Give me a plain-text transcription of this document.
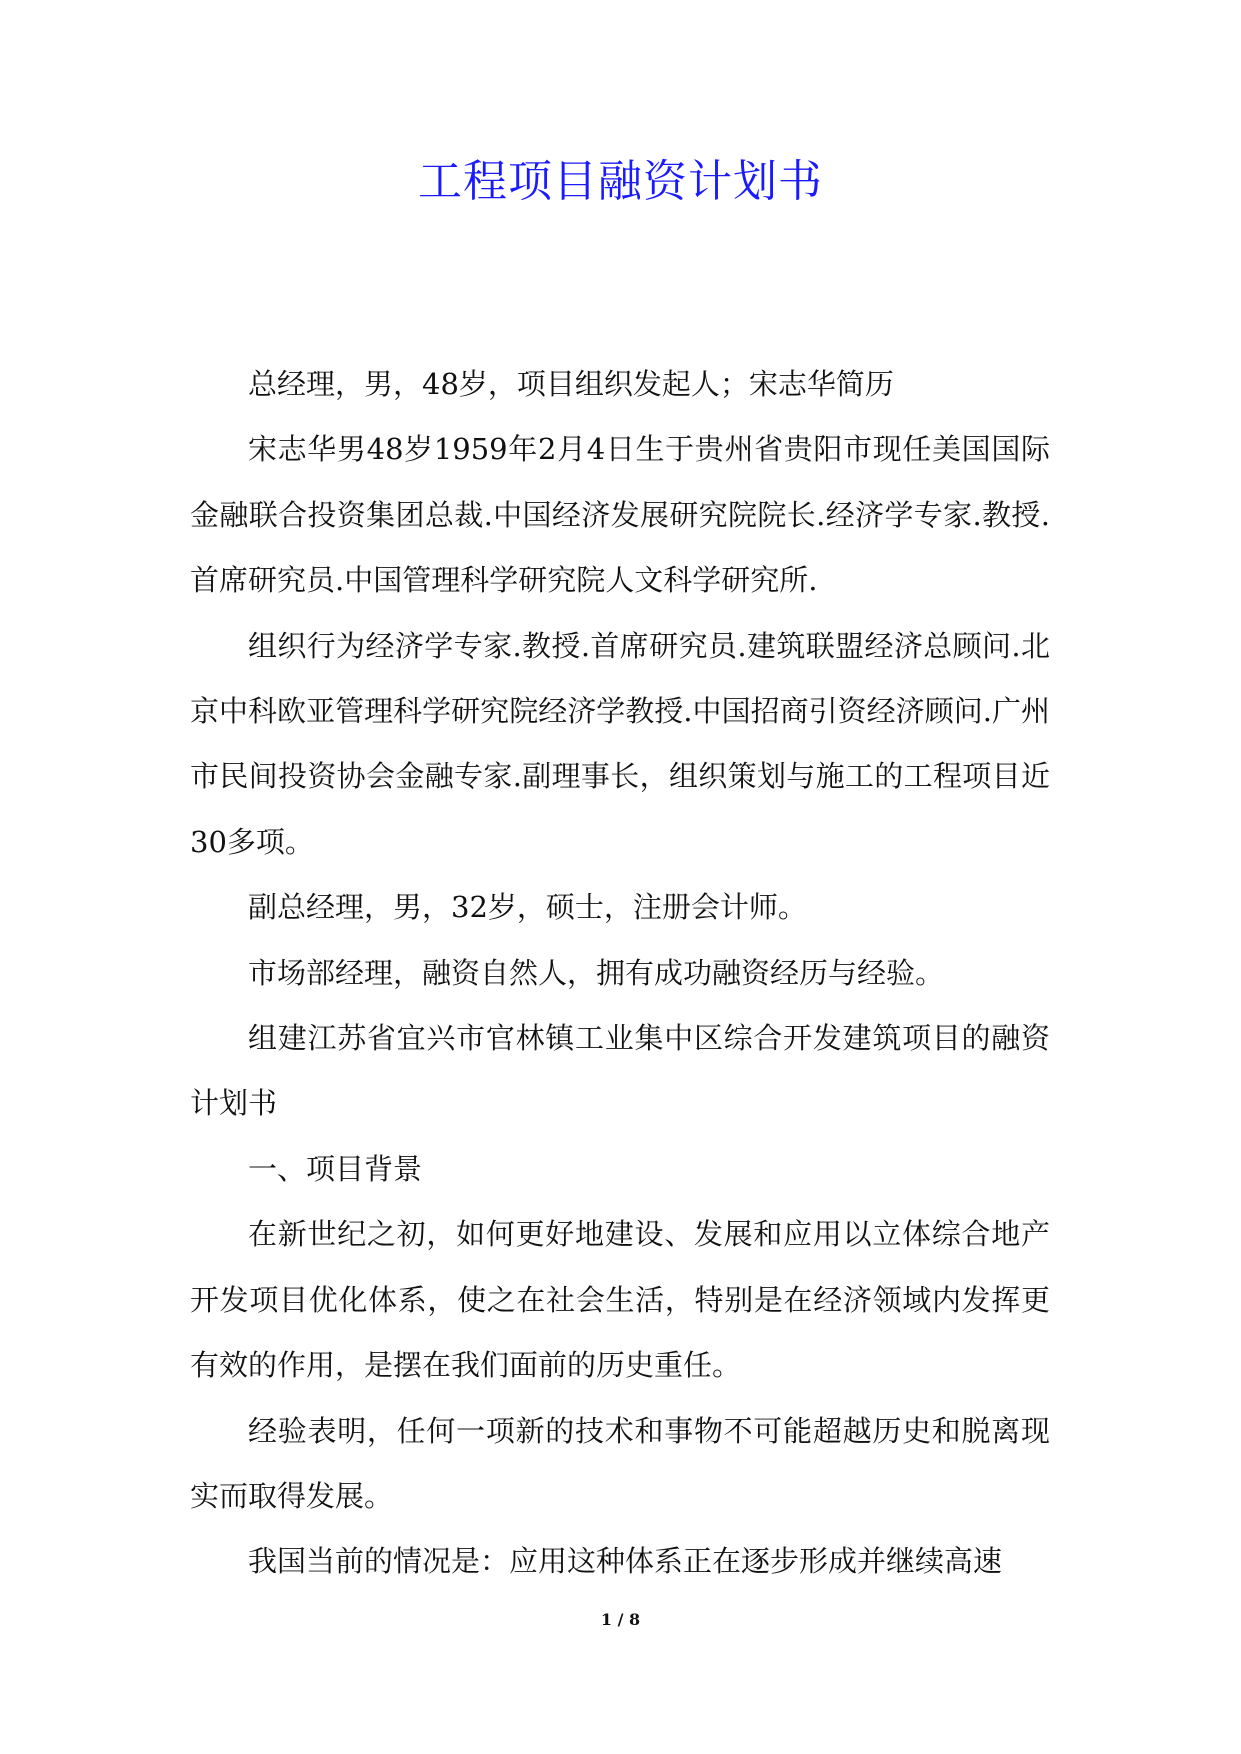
工程项目融资计划书

总经理，男，48岁，项目组织发起人；宋志华简历

宋志华男48岁1959年2月4日生于贵州省贵阳市现任美国国际金融联合投资集团总裁.中国经济发展研究院院长.经济学专家.教授.首席研究员.中国管理科学研究院人文科学研究所.

组织行为经济学专家.教授.首席研究员.建筑联盟经济总顾问.北京中科欧亚管理科学研究院经济学教授.中国招商引资经济顾问.广州市民间投资协会金融专家.副理事长，组织策划与施工的工程项目近30多项。

副总经理，男，32岁，硕士，注册会计师。

市场部经理，融资自然人，拥有成功融资经历与经验。

组建江苏省宜兴市官林镇工业集中区综合开发建筑项目的融资计划书

一、项目背景

在新世纪之初，如何更好地建设、发展和应用以立体综合地产开发项目优化体系，使之在社会生活，特别是在经济领域内发挥更有效的作用，是摆在我们面前的历史重任。

经验表明，任何一项新的技术和事物不可能超越历史和脱离现实而取得发展。

我国当前的情况是：应用这种体系正在逐步形成并继续高速

1 / 8
